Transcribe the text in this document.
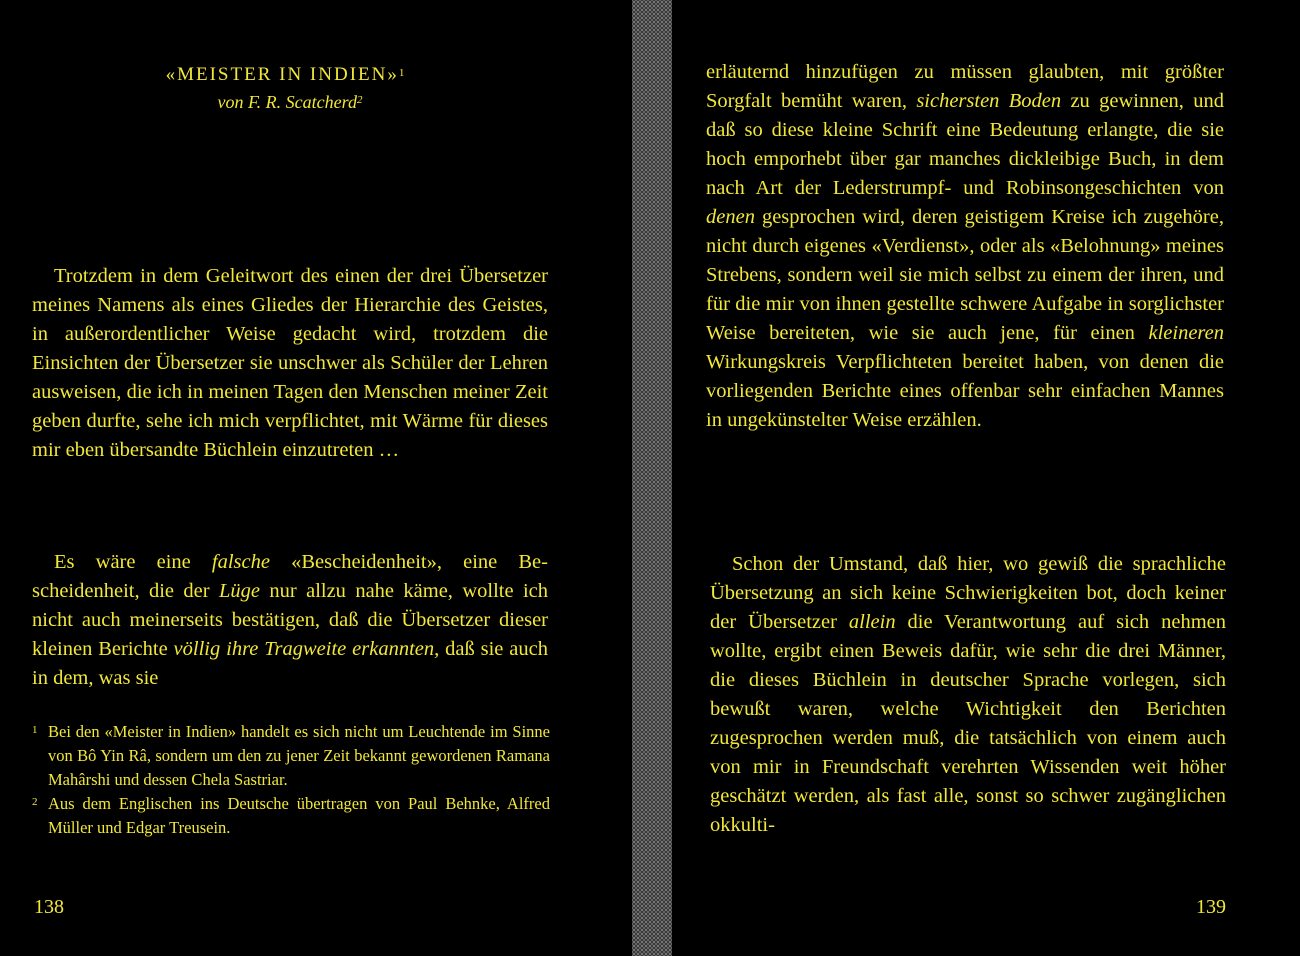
«MEISTER IN INDIEN»$^1$
von F. R. Scatcherd$^2$

Trotzdem in dem Geleitwort des einen der drei Übersetzer meines Namens als eines Gliedes der Hierarchie des Geistes, in außerordentlicher Weise gedacht wird, trotzdem die Einsichten der Übersetzer sie unschwer als Schüler der Lehren ausweisen, die ich in meinen Tagen den Menschen meiner Zeit geben durfte, sehe ich mich verpflichtet, mit Wärme für dieses mir eben übersandte Büchlein einzutreten …

Es wäre eine falsche «Bescheidenheit», eine Bescheidenheit, die der Lüge nur allzu nahe käme, wollte ich nicht auch meinerseits bestätigen, daß die Übersetzer dieser kleinen Berichte völlig ihre Tragweite erkannten, daß sie auch in dem, was sie

1 Bei den «Meister in Indien» handelt es sich nicht um Leuchtende im Sinne von Bô Yin Râ, sondern um den zu jener Zeit bekannt gewordenen Ramana Mahârshi und dessen Chela Sastriar.

2 Aus dem Englischen ins Deutsche übertragen von Paul Behnke, Alfred Müller und Edgar Treusein.

138

erläuternd hinzufügen zu müssen glaubten, mit größter Sorgfalt bemüht waren, sichersten Boden zu gewinnen, und daß so diese kleine Schrift eine Bedeutung erlangte, die sie hoch emporhebt über gar manches dickleibige Buch, in dem nach Art der Lederstrumpf- und Robinsongeschichten von denen gesprochen wird, deren geistigem Kreise ich zugehöre, nicht durch eigenes «Verdienst», oder als «Belohnung» meines Strebens, sondern weil sie mich selbst zu einem der ihren, und für die mir von ihnen gestellte schwere Aufgabe in sorglichster Weise bereiteten, wie sie auch jene, für einen kleineren Wirkungskreis Verpflichteten bereitet haben, von denen die vorliegenden Berichte eines offenbar sehr einfachen Mannes in ungekünstelter Weise erzählen.

Schon der Umstand, daß hier, wo gewiß die sprachliche Übersetzung an sich keine Schwierigkeiten bot, doch keiner der Übersetzer allein die Verantwortung auf sich nehmen wollte, ergibt einen Beweis dafür, wie sehr die drei Männer, die dieses Büchlein in deutscher Sprache vorlegen, sich bewußt waren, welche Wichtigkeit den Berichten zugesprochen werden muß, die tatsächlich von einem auch von mir in Freundschaft verehrten Wissenden weit höher geschätzt werden, als fast alle, sonst so schwer zugänglichen okkulti-

139
